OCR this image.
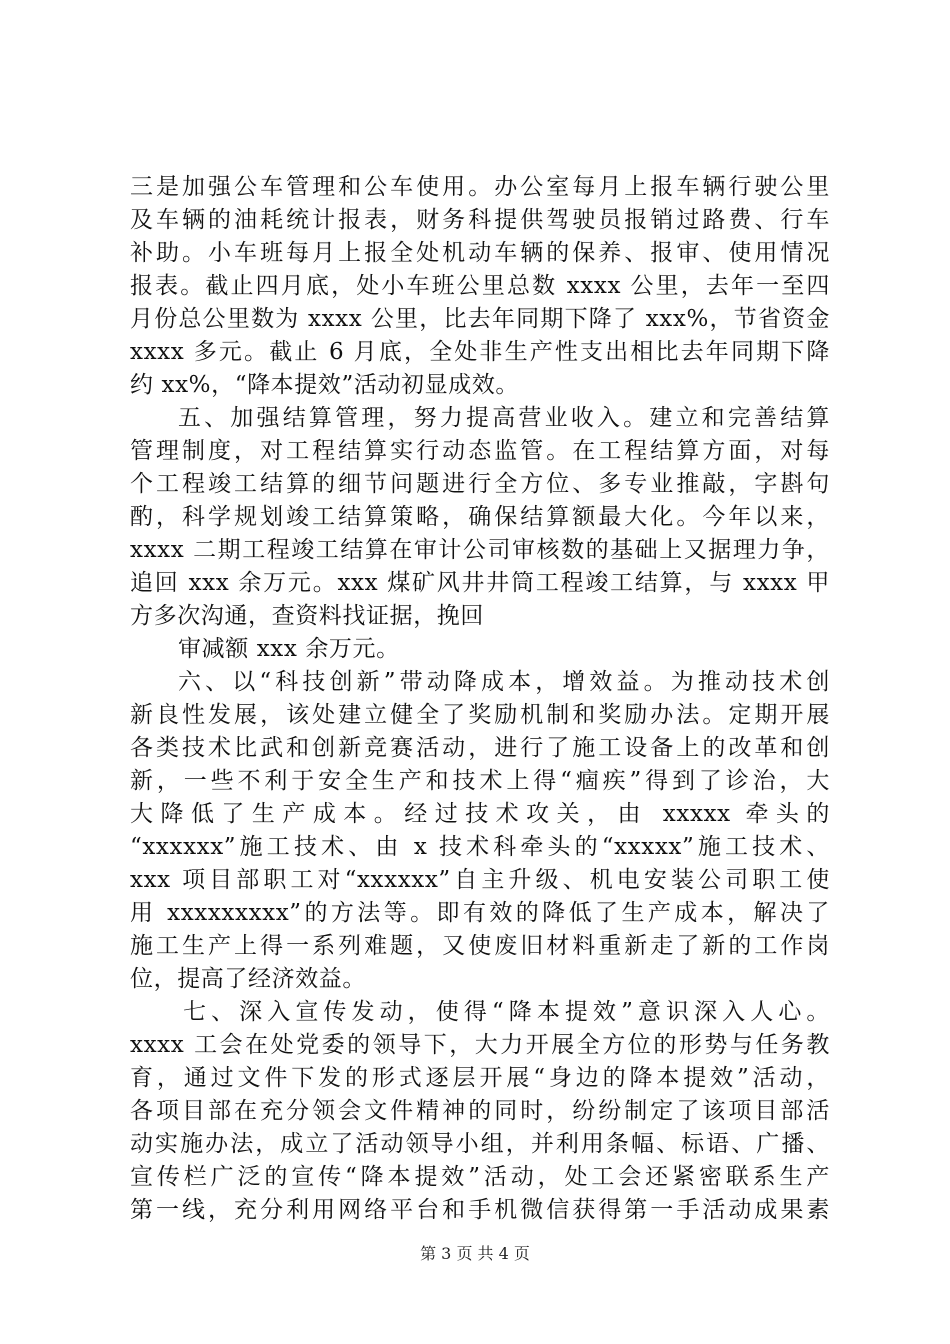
三是加强公车管理和公车使用。办公室每月上报车辆行驶公里
及车辆的油耗统计报表，财务科提供驾驶员报销过路费、行车
补助。小车班每月上报全处机动车辆的保养、报审、使用情况
报表。截止四月底，处小车班公里总数 xxxx 公里，去年一至四
月份总公里数为 xxxx 公里，比去年同期下降了 xxx%，节省资金
xxxx 多元。截止 6 月底，全处非生产性支出相比去年同期下降
约 xx%，“降本提效”活动初显成效。
五、加强结算管理，努力提高营业收入。建立和完善结算
管理制度，对工程结算实行动态监管。在工程结算方面，对每
个工程竣工结算的细节问题进行全方位、多专业推敲，字斟句
酌，科学规划竣工结算策略，确保结算额最大化。今年以来，
xxxx 二期工程竣工结算在审计公司审核数的基础上又据理力争，
追回 xxx 余万元。xxx 煤矿风井井筒工程竣工结算，与 xxxx 甲
方多次沟通，查资料找证据，挽回
审减额 xxx 余万元。
六、以“科技创新”带动降成本，增效益。为推动技术创
新良性发展，该处建立健全了奖励机制和奖励办法。定期开展
各类技术比武和创新竞赛活动，进行了施工设备上的改革和创
新，一些不利于安全生产和技术上得“痼疾”得到了诊治，大
大降低了生产成本。经过技术攻关，由 xxxxx 牵头的
“xxxxxx”施工技术、由 x 技术科牵头的“xxxxx”施工技术、
xxx 项目部职工对“xxxxxx”自主升级、机电安装公司职工使
用 xxxxxxxxx”的方法等。即有效的降低了生产成本，解决了
施工生产上得一系列难题，又使废旧材料重新走了新的工作岗
位，提高了经济效益。
七、深入宣传发动，使得“降本提效”意识深入人心。
xxxx 工会在处党委的领导下，大力开展全方位的形势与任务教
育，通过文件下发的形式逐层开展“身边的降本提效”活动，
各项目部在充分领会文件精神的同时，纷纷制定了该项目部活
动实施办法，成立了活动领导小组，并利用条幅、标语、广播、
宣传栏广泛的宣传“降本提效”活动，处工会还紧密联系生产
第一线，充分利用网络平台和手机微信获得第一手活动成果素
第 3 页 共 4 页
